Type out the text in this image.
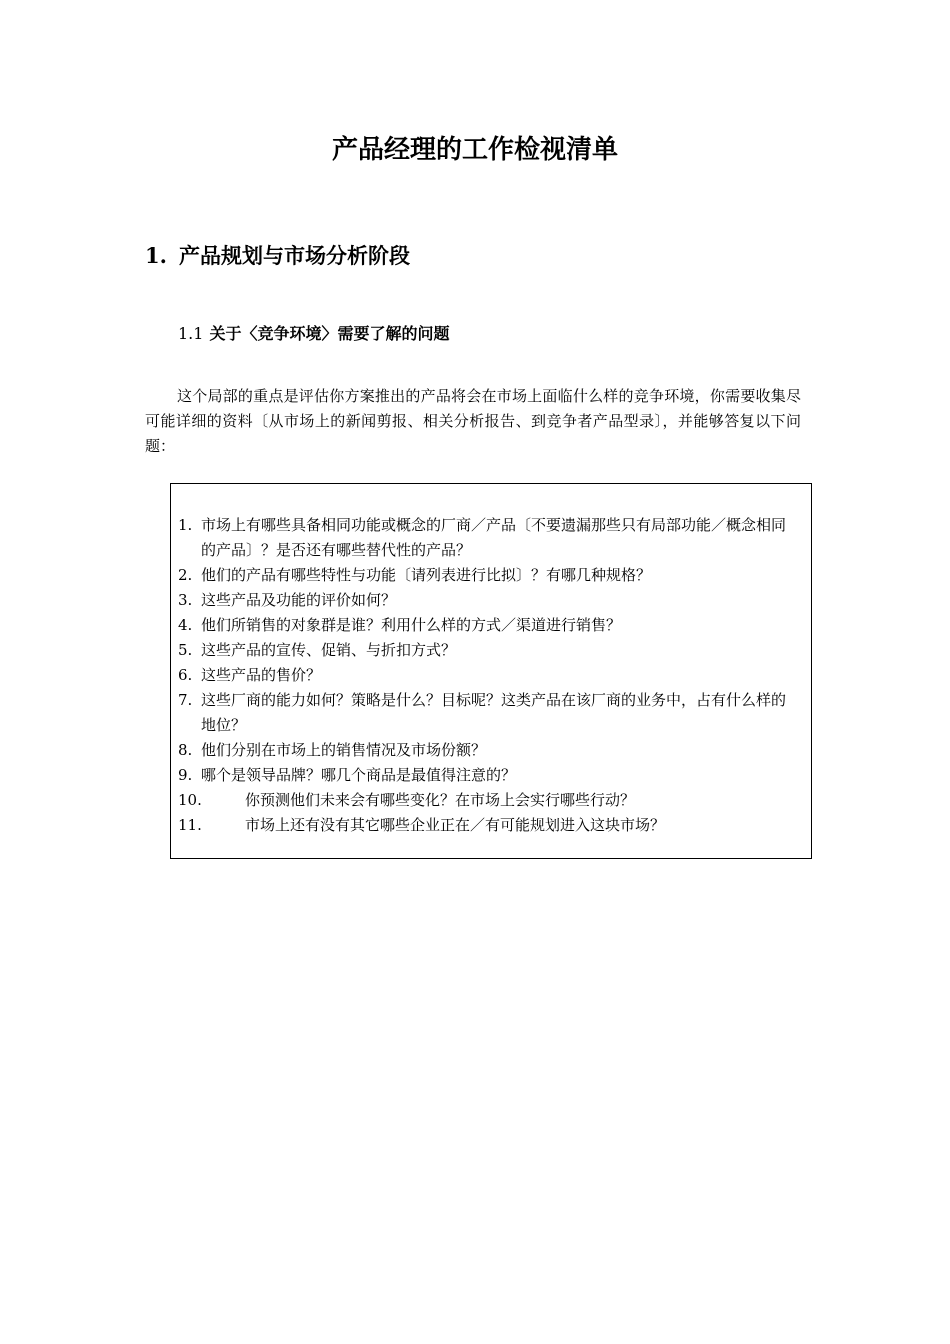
产品经理的工作检视清单
1. 产品规划与市场分析阶段
1.1 关于〈竞争环境〉需要了解的问题

这个局部的重点是评估你方案推出的产品将会在市场上面临什么样的竞争环境，你需要收集尽可能详细的资料〔从市场上的新闻剪报、相关分析报告、到竞争者产品型录〕，并能够答复以下问题：

1. 市场上有哪些具备相同功能或概念的厂商／产品〔不要遗漏那些只有局部功能／概念相同的产品〕？是否还有哪些替代性的产品？
2. 他们的产品有哪些特性与功能〔请列表进行比拟〕？有哪几种规格？
3. 这些产品及功能的评价如何？
4. 他们所销售的对象群是谁？利用什么样的方式／渠道进行销售？
5. 这些产品的宣传、促销、与折扣方式？
6. 这些产品的售价？
7. 这些厂商的能力如何？策略是什么？目标呢？这类产品在该厂商的业务中，占有什么样的地位？
8. 他们分别在市场上的销售情况及市场份额？
9. 哪个是领导品牌？哪几个商品是最值得注意的？
10.	你预测他们未来会有哪些变化？在市场上会实行哪些行动？
11.	市场上还有没有其它哪些企业正在／有可能规划进入这块市场？
